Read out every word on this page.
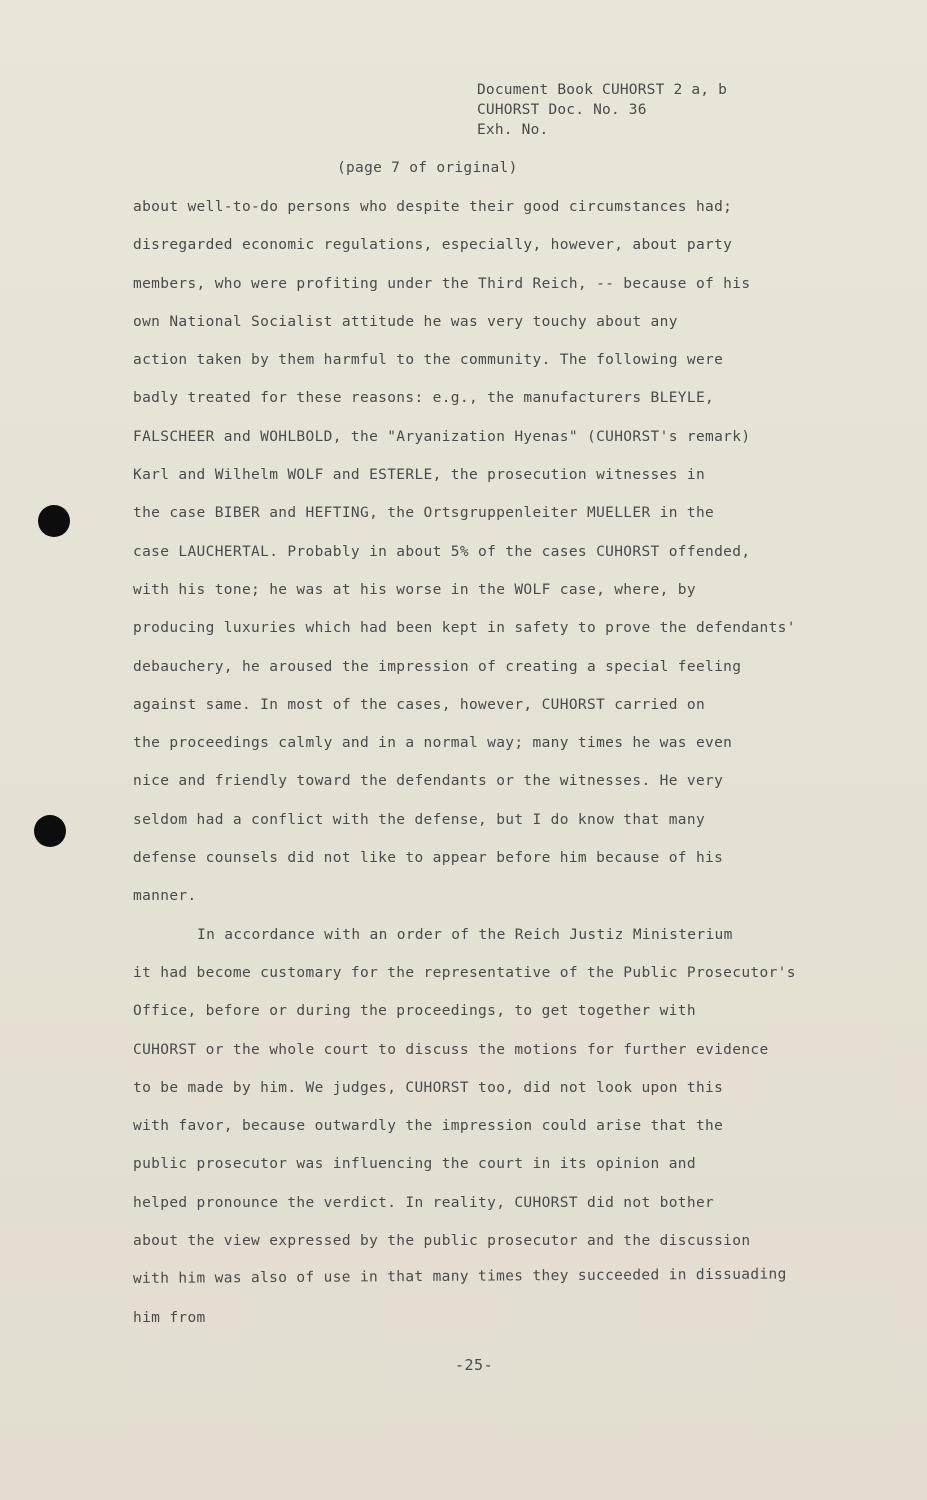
Document Book CUHORST 2 a, b
CUHORST Doc. No. 36
Exh. No.
(page 7 of original)
about well-to-do persons who despite their good circumstances had;
disregarded economic regulations, especially, however, about party
members, who were profiting under the Third Reich, -- because of his
own National Socialist attitude he was very touchy about any
action taken by them harmful to the community. The following were
badly treated for these reasons: e.g., the manufacturers BLEYLE,
FALSCHEER and WOHLBOLD, the "Aryanization Hyenas" (CUHORST's remark)
Karl and Wilhelm WOLF and ESTERLE, the prosecution witnesses in
the case BIBER and HEFTING, the Ortsgruppenleiter MUELLER in the
case LAUCHERTAL. Probably in about 5% of the cases CUHORST offended,
with his tone; he was at his worse in the WOLF case, where, by
producing luxuries which had been kept in safety to prove the defendants'
debauchery, he aroused the impression of creating a special feeling
against same. In most of the cases, however, CUHORST carried on
the proceedings calmly and in a normal way; many times he was even
nice and friendly toward the defendants or the witnesses. He very
seldom had a conflict with the defense, but I do know that many
defense counsels did not like to appear before him because of his
manner.
In accordance with an order of the Reich Justiz Ministerium
it had become customary for the representative of the Public Prosecutor's
Office, before or during the proceedings, to get together with
CUHORST or the whole court to discuss the motions for further evidence
to be made by him. We judges, CUHORST too, did not look upon this
with favor, because outwardly the impression could arise that the
public prosecutor was influencing the court in its opinion and
helped pronounce the verdict. In reality, CUHORST did not bother
about the view expressed by the public prosecutor and the discussion
with him was also of use in that many times they succeeded in dissuading
him from
-25-
